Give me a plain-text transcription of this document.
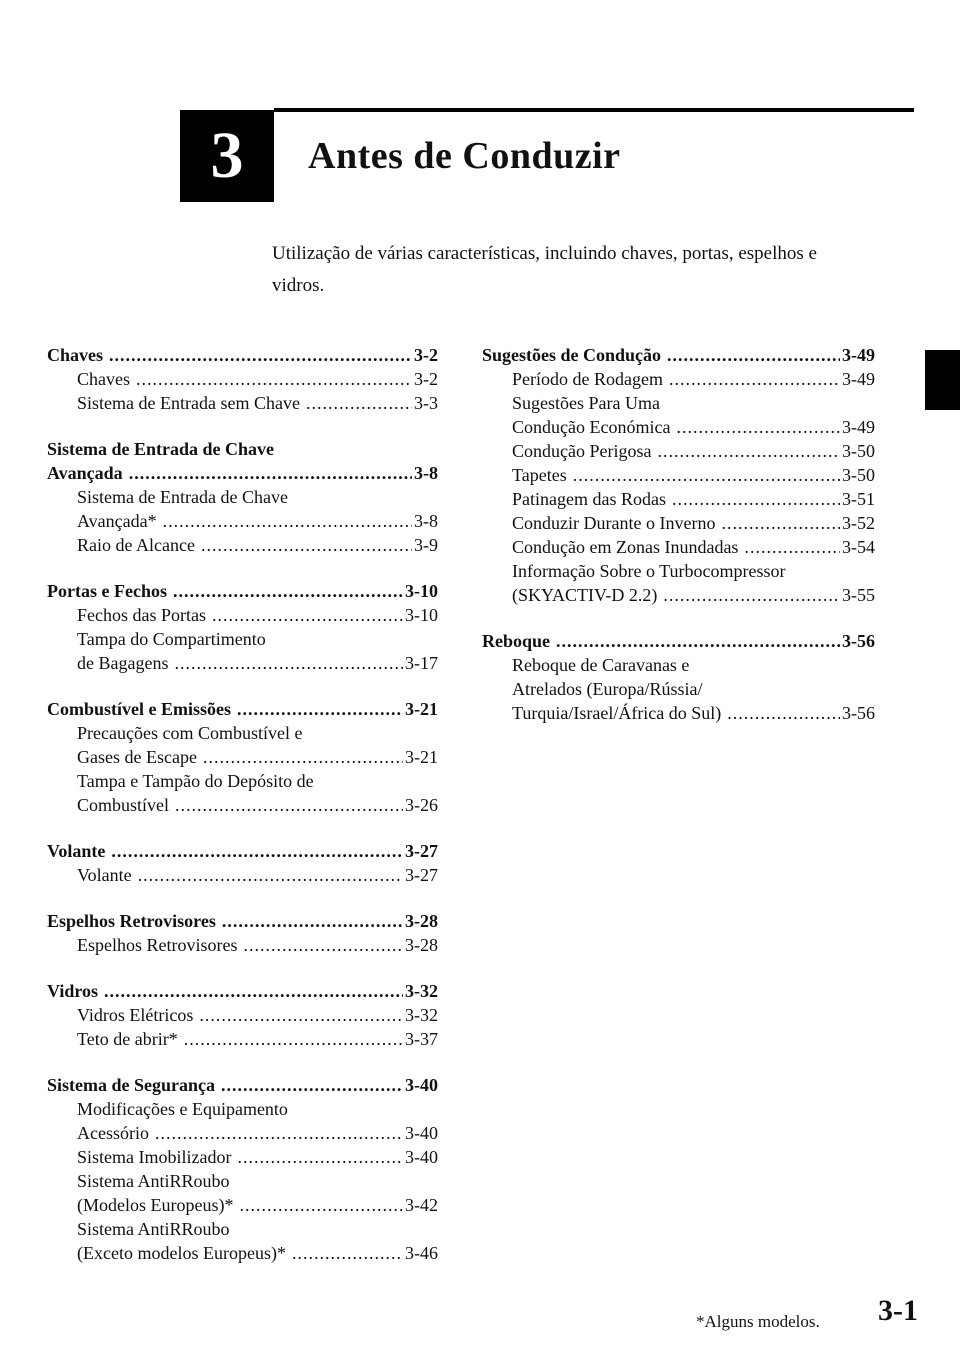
3 Antes de Conduzir
Utilização de várias características, incluindo chaves, portas, espelhos e
vidros.
Chaves .....	3-2
Chaves .....	3-2
Sistema de Entrada sem Chave .....	3-3
Sistema de Entrada de Chave
Avançada .....	3-8
Sistema de Entrada de Chave
Avançada* .....	3-8
Raio de Alcance .....	3-9
Portas e Fechos .....	3-10
Fechos das Portas .....	3-10
Tampa do Compartimento
de Bagagens .....	3-17
Combustível e Emissões .....	3-21
Precauções com Combustível e
Gases de Escape .....	3-21
Tampa e Tampão do Depósito de
Combustível .....	3-26
Volante .....	3-27
Volante .....	3-27
Espelhos Retrovisores .....	3-28
Espelhos Retrovisores .....	3-28
Vidros .....	3-32
Vidros Elétricos .....	3-32
Teto de abrir* .....	3-37
Sistema de Segurança .....	3-40
Modificações e Equipamento
Acessório .....	3-40
Sistema Imobilizador .....	3-40
Sistema AntiRRoubo
(Modelos Europeus)* .....	3-42
Sistema AntiRRoubo
(Exceto modelos Europeus)* .....	3-46
Sugestões de Condução .....	3-49
Período de Rodagem .....	3-49
Sugestões Para Uma
Condução Económica .....	3-49
Condução Perigosa .....	3-50
Tapetes .....	3-50
Patinagem das Rodas .....	3-51
Conduzir Durante o Inverno .....	3-52
Condução em Zonas Inundadas .....	3-54
Informação Sobre o Turbocompressor
(SKYACTIV-D 2.2) .....	3-55
Reboque .....	3-56
Reboque de Caravanas e
Atrelados (Europa/Rússia/
Turquia/Israel/África do Sul) .....	3-56
*Alguns modelos. 3-1
